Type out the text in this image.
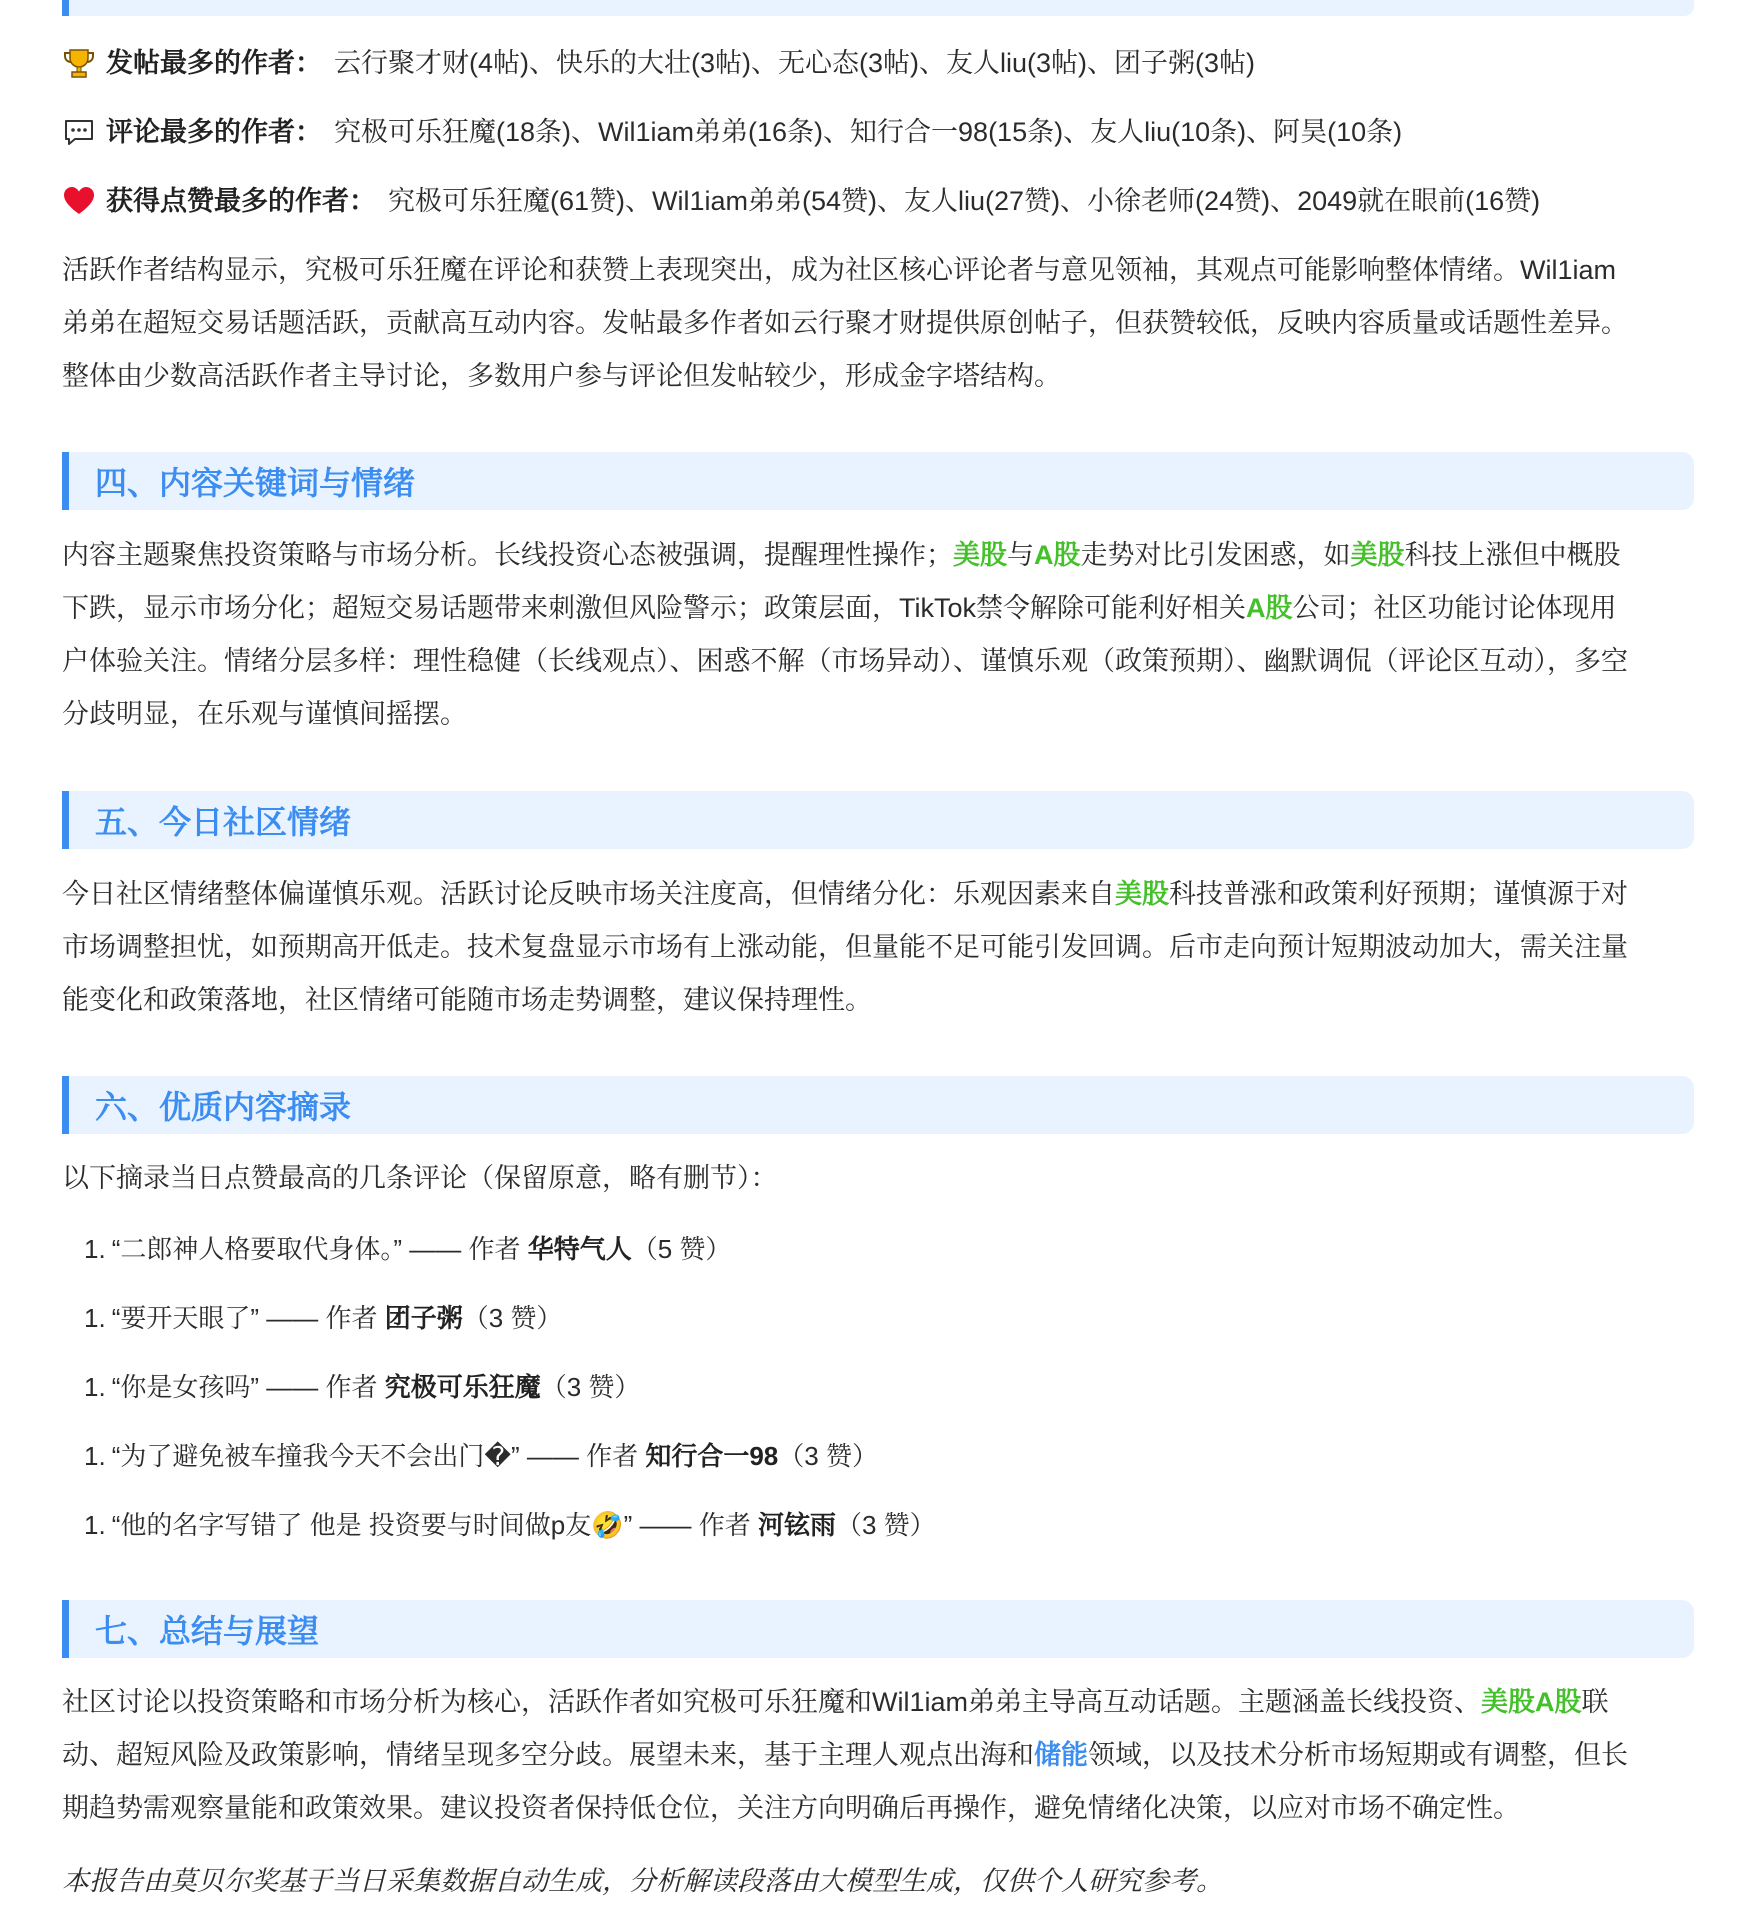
发帖最多的作者： 云行聚才财(4帖)、快乐的大壮(3帖)、无心态(3帖)、友人liu(3帖)、团子粥(3帖)

评论最多的作者： 究极可乐狂魔(18条)、Wil1iam弟弟(16条)、知行合一98(15条)、友人liu(10条)、阿昊(10条)

获得点赞最多的作者： 究极可乐狂魔(61赞)、Wil1iam弟弟(54赞)、友人liu(27赞)、小徐老师(24赞)、2049就在眼前(16赞)

活跃作者结构显示，究极可乐狂魔在评论和获赞上表现突出，成为社区核心评论者与意见领袖，其观点可能影响整体情绪。Wil1iam

弟弟在超短交易话题活跃，贡献高互动内容。发帖最多作者如云行聚才财提供原创帖子，但获赞较低，反映内容质量或话题性差异。

整体由少数高活跃作者主导讨论，多数用户参与评论但发帖较少，形成金字塔结构。

四、内容关键词与情绪

内容主题聚焦投资策略与市场分析。长线投资心态被强调，提醒理性操作；美股与A股走势对比引发困惑，如美股科技上涨但中概股

下跌，显示市场分化；超短交易话题带来刺激但风险警示；政策层面，TikTok禁令解除可能利好相关A股公司；社区功能讨论体现用

户体验关注。情绪分层多样：理性稳健（长线观点）、困惑不解（市场异动）、谨慎乐观（政策预期）、幽默调侃（评论区互动），多空

分歧明显，在乐观与谨慎间摇摆。

五、今日社区情绪

今日社区情绪整体偏谨慎乐观。活跃讨论反映市场关注度高，但情绪分化：乐观因素来自美股科技普涨和政策利好预期；谨慎源于对

市场调整担忧，如预期高开低走。技术复盘显示市场有上涨动能，但量能不足可能引发回调。后市走向预计短期波动加大，需关注量

能变化和政策落地，社区情绪可能随市场走势调整，建议保持理性。

六、优质内容摘录

以下摘录当日点赞最高的几条评论（保留原意，略有删节）：

1. “二郎神人格要取代身体。” —— 作者 华特气人（5 赞）
1. “要开天眼了” —— 作者 团子粥（3 赞）
1. “你是女孩吗” —— 作者 究极可乐狂魔（3 赞）
1. “为了避免被车撞我今天不会出门�” —— 作者 知行合一98（3 赞）
1. “他的名字写错了 他是 投资要与时间做p友🤣” —— 作者 河铉雨（3 赞）
七、总结与展望

社区讨论以投资策略和市场分析为核心，活跃作者如究极可乐狂魔和Wil1iam弟弟主导高互动话题。主题涵盖长线投资、美股A股联

动、超短风险及政策影响，情绪呈现多空分歧。展望未来，基于主理人观点出海和储能领域，以及技术分析市场短期或有调整，但长

期趋势需观察量能和政策效果。建议投资者保持低仓位，关注方向明确后再操作，避免情绪化决策，以应对市场不确定性。

本报告由莫贝尔奖基于当日采集数据自动生成，分析解读段落由大模型生成，仅供个人研究参考。
